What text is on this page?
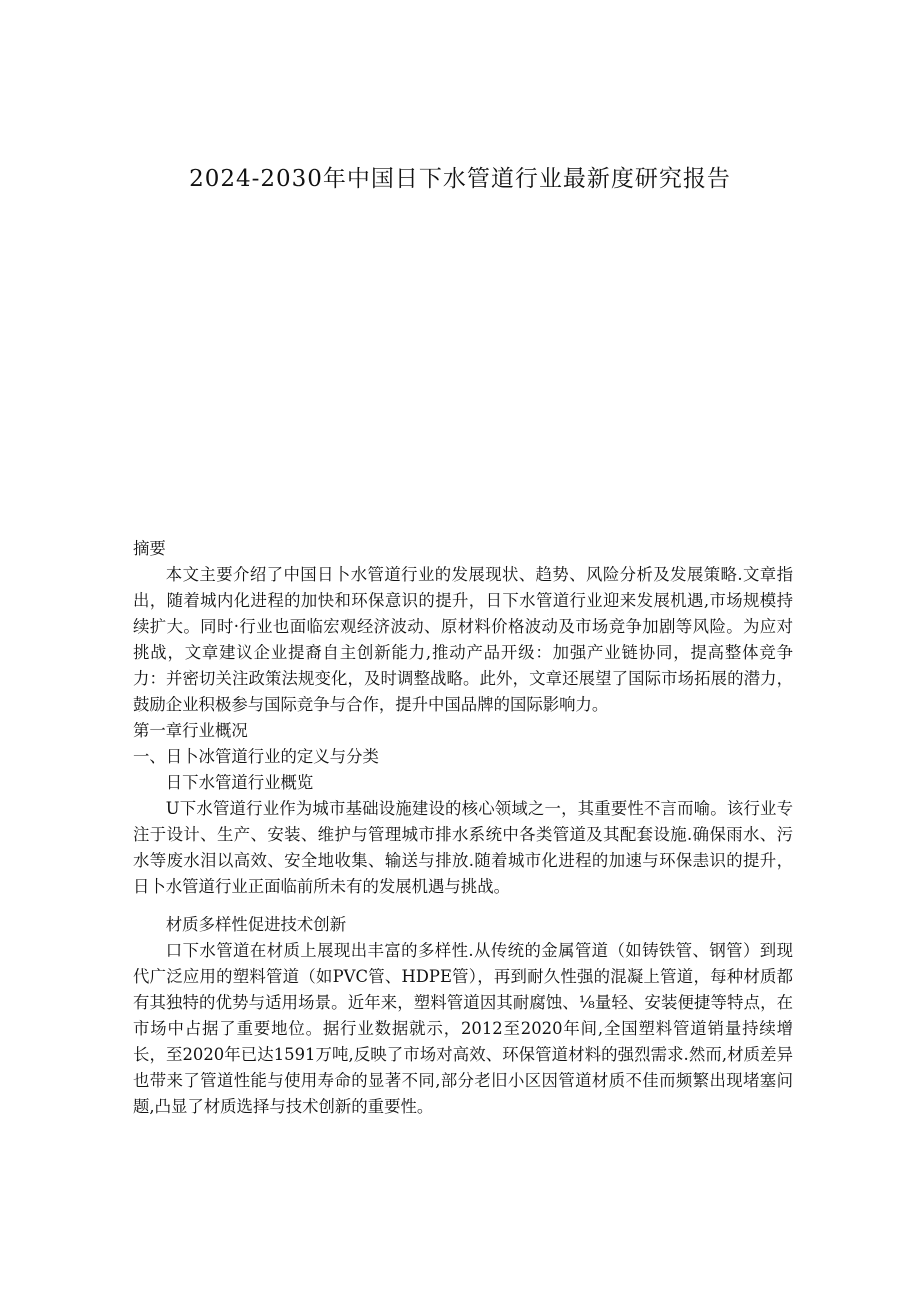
2024-2030年中国日下水管道行业最新度研究报告

摘要

本文主要介绍了中国日卜水管道行业的发展现状、趋势、风险分析及发展策略.文章指出，随着城内化进程的加快和环保意识的提升，日下水管道行业迎来发展机遇,市场规模持续扩大。同时·行业也面临宏观经济波动、原材料价格波动及市场竞争加剧等风险。为应对挑战，文章建议企业提裔自主创新能力,推动产品开级：加强产业链协同，提高整体竞争力：并密切关注政策法规变化，及时调整战略。此外，文章还展望了国际市场拓展的潜力，鼓励企业积极参与国际竞争与合作，提升中国品牌的国际影响力。

第一章行业概况

一、日卜冰管道行业的定义与分类

日下水管道行业概览

U下水管道行业作为城市基础设施建设的核心领域之一，其重要性不言而喻。该行业专注于设计、生产、安装、维护与管理城市排水系统中各类管道及其配套设施.确保雨水、污水等废水泪以高效、安全地收集、输送与排放.随着城市化进程的加速与环保恚识的提升，日卜水管道行业正面临前所未有的发展机遇与挑战。

材质多样性促进技术创新

口下水管道在材质上展现出丰富的多样性.从传统的金属管道（如铸铁管、钢管）到现代广泛应用的塑料管道（如PVC管、HDPE管），再到耐久性强的混凝上管道，每种材质都有其独特的优势与适用场景。近年来，塑料管道因其耐腐蚀、⅛量轻、安装便捷等特点，在市场中占据了重要地位。据行业数据就示，2012至2020年间,全国塑料管道销量持续增长，至2020年已达1591万吨,反映了市场对高效、环保管道材料的强烈需求.然而,材质差异也带来了管道性能与使用寿命的显著不同,部分老旧小区因管道材质不佳而频繁出现堵塞问题,凸显了材质选择与技术创新的重要性。
